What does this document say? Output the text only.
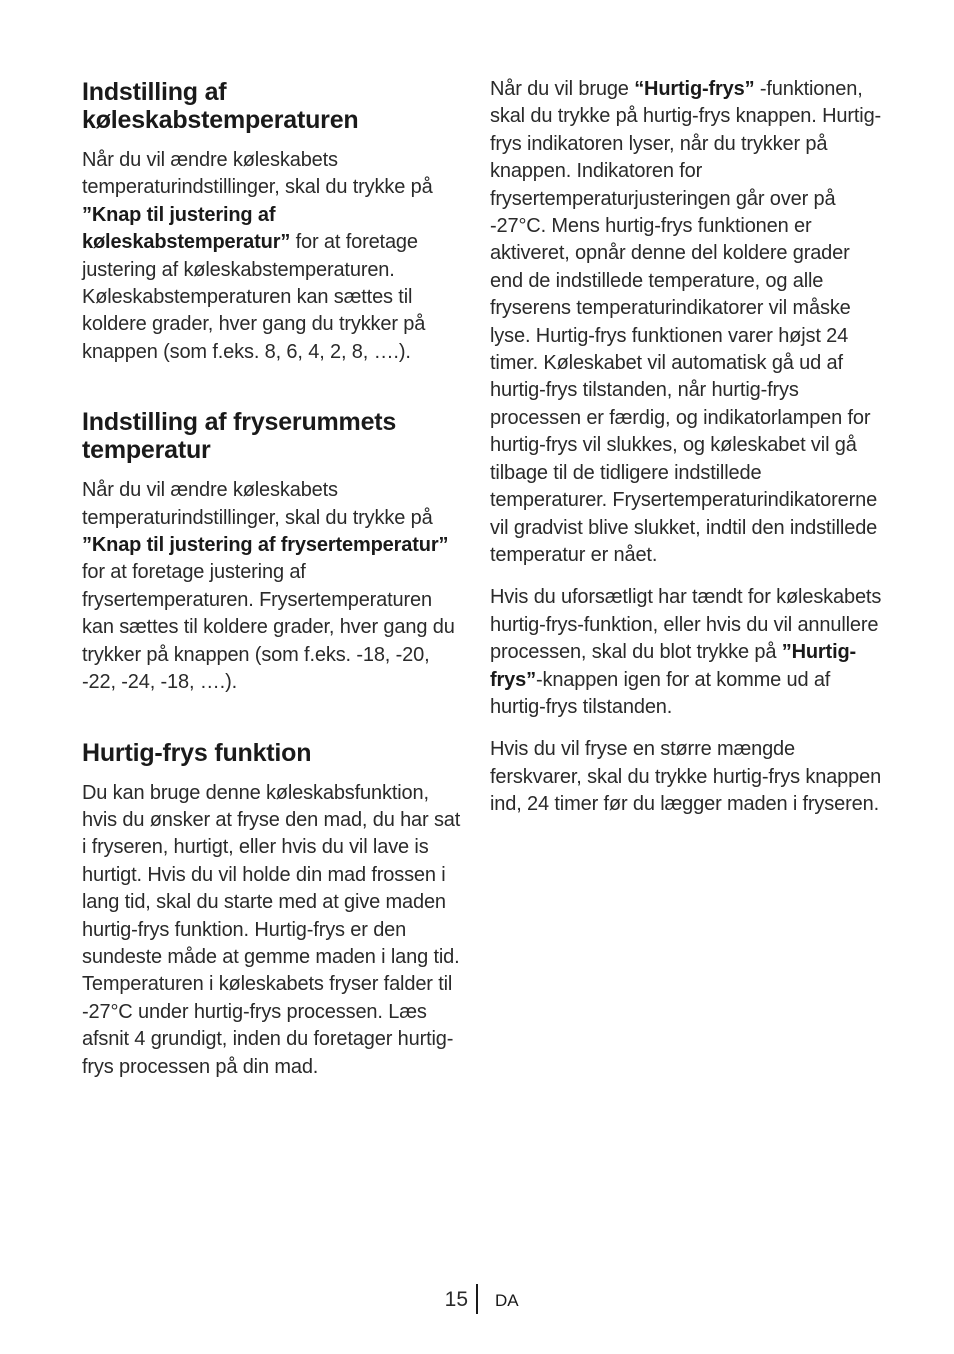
Indstilling af
køleskabstemperaturen

Når du vil ændre køleskabets temperaturindstillinger, skal du trykke på ”Knap til justering af køleskabstemperatur” for at foretage justering af køleskabstemperaturen. Køleskabstemperaturen kan sættes til koldere grader, hver gang du trykker på knappen (som f.eks. 8, 6, 4, 2, 8, ….).

Indstilling af fryserummets
temperatur

Når du vil ændre køleskabets temperaturindstillinger, skal du trykke på ”Knap til justering af frysertemperatur” for at foretage justering af frysertemperaturen. Frysertemperaturen kan sættes til koldere grader, hver gang du trykker på knappen (som f.eks. -18, -20, -22, -24, -18, ….).

Hurtig-frys funktion

Du kan bruge denne køleskabsfunktion, hvis du ønsker at fryse den mad, du har sat i fryseren, hurtigt, eller hvis du vil lave is hurtigt. Hvis du vil holde din mad frossen i lang tid, skal du starte med at give maden hurtig-frys funktion. Hurtig-frys er den sundeste måde at gemme maden i lang tid. Temperaturen i køleskabets fryser falder til -27°C under hurtig-frys processen. Læs afsnit 4 grundigt, inden du foretager hurtig-frys processen på din mad.

Når du vil bruge “Hurtig-frys” -funktionen, skal du trykke på hurtig-frys knappen. Hurtig-frys indikatoren lyser, når du trykker på knappen. Indikatoren for frysertemperaturjusteringen går over på -27°C. Mens hurtig-frys funktionen er aktiveret, opnår denne del koldere grader end de indstillede temperature, og alle fryserens temperaturindikatorer vil måske lyse. Hurtig-frys funktionen varer højst 24 timer. Køleskabet vil automatisk gå ud af hurtig-frys tilstanden, når hurtig-frys processen er færdig, og indikatorlampen for hurtig-frys vil slukkes, og køleskabet vil gå tilbage til de tidligere indstillede temperaturer. Frysertemperaturindikatorerne vil gradvist blive slukket, indtil den indstillede temperatur er nået.

Hvis du uforsætligt har tændt for køleskabets hurtig-frys-funktion, eller hvis du vil annullere processen, skal du blot trykke på ”Hurtig-frys”-knappen igen for at komme ud af hurtig-frys tilstanden.

Hvis du vil fryse en større mængde ferskvarer, skal du trykke hurtig-frys knappen ind, 24 timer før du lægger maden i fryseren.

15 DA
